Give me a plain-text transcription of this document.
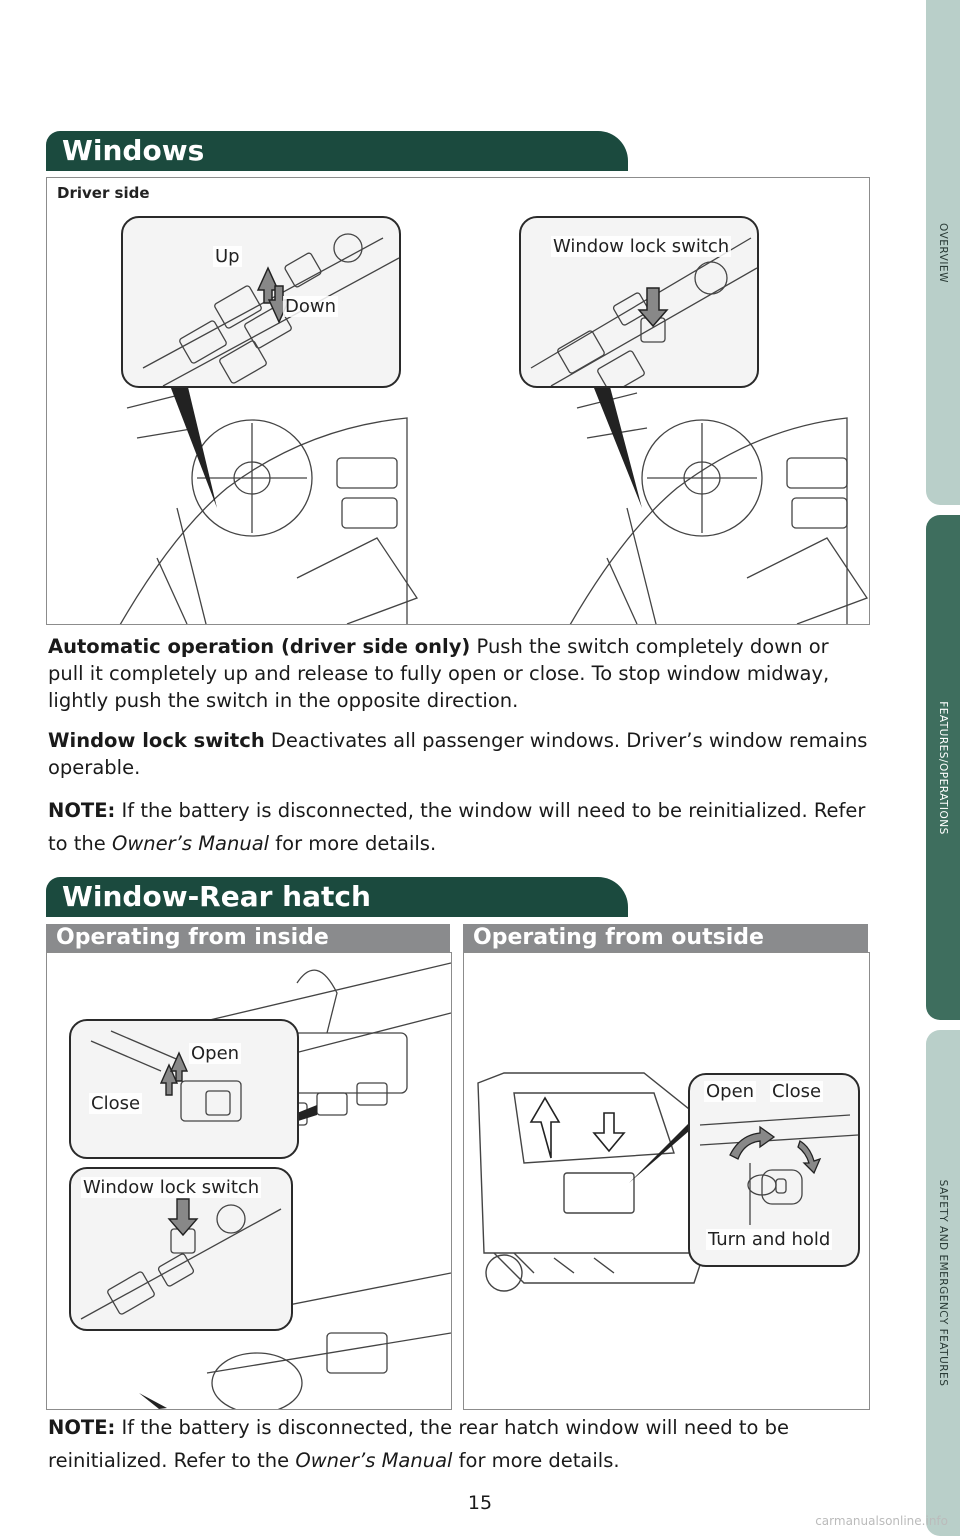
OVERVIEW
FEATURES/OPERATIONS
SAFETY AND EMERGENCY FEATURES
Windows
Driver side
Up
Down
Window lock switch
Automatic operation (driver side only) Push the switch completely down or pull it completely up and release to fully open or close. To stop window midway, lightly push the switch in the opposite direction.
Window lock switch Deactivates all passenger windows. Driver’s window remains operable.
NOTE: If the battery is disconnected, the window will need to be reinitialized. Refer to the Owner’s Manual for more details.
Window-Rear hatch
Operating from inside	Operating from outside
Open
Close
Window lock switch
Open Close
Turn and hold
NOTE: If the battery is disconnected, the rear hatch window will need to be reinitialized. Refer to the Owner’s Manual for more details.
15
carmanualsonline.info
